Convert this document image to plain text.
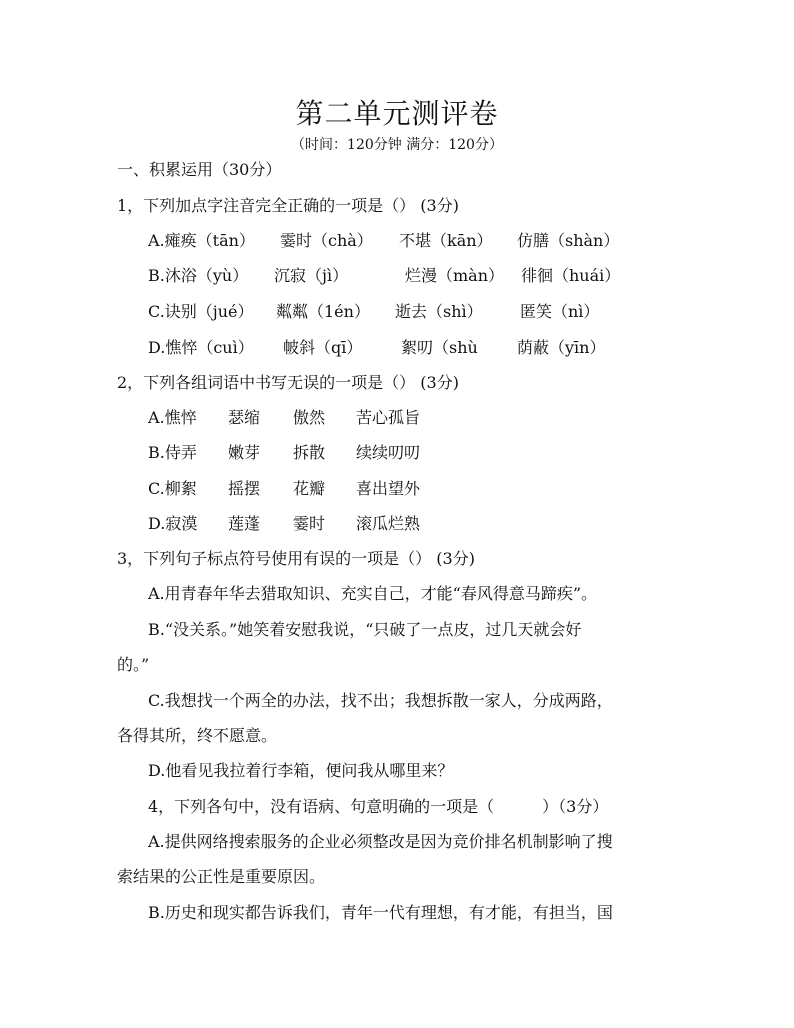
第二单元测评卷
（时间：120分钟 满分：120分）
一、积累运用（30分）
1，下列加点字注音完全正确的一项是（） (3分)
A.瘫痪（tān） 霎时（chà） 不堪（kān） 仿膳（shàn）
B.沐浴（yù） 沉寂（jì）	烂漫（màn） 徘徊（huái）
C.诀别（jué） 粼粼（1én） 逝去（shì） 匿笑（nì）
D.憔悴（cuì） 帔斜（qī） 絮叨（shù 荫蔽（yīn）
2，下列各组词语中书写无误的一项是（） (3分)
A.憔悴 瑟缩 傲然 苦心孤旨
B.侍弄 嫩芽 拆散 续续叨叨
C.柳絮 摇摆 花瓣 喜出望外
D.寂漠 莲蓬 霎时 滚瓜烂熟
3，下列句子标点符号使用有误的一项是（） (3分)
A.用青春年华去猎取知识、充实自己，才能“春风得意马蹄疾”。
B.“没关系。”她笑着安慰我说，“只破了一点皮，过几天就会好
的。”
C.我想找一个两全的办法，找不出；我想拆散一家人，分成两路，
各得其所，终不愿意。
D.他看见我拉着行李箱，便问我从哪里来？
4，下列各句中，没有语病、句意明确的一项是（　　　）（3分）
A.提供网络搜索服务的企业必须整改是因为竞价排名机制影响了搜
索结果的公正性是重要原因。
B.历史和现实都告诉我们，青年一代有理想，有才能，有担当，国
